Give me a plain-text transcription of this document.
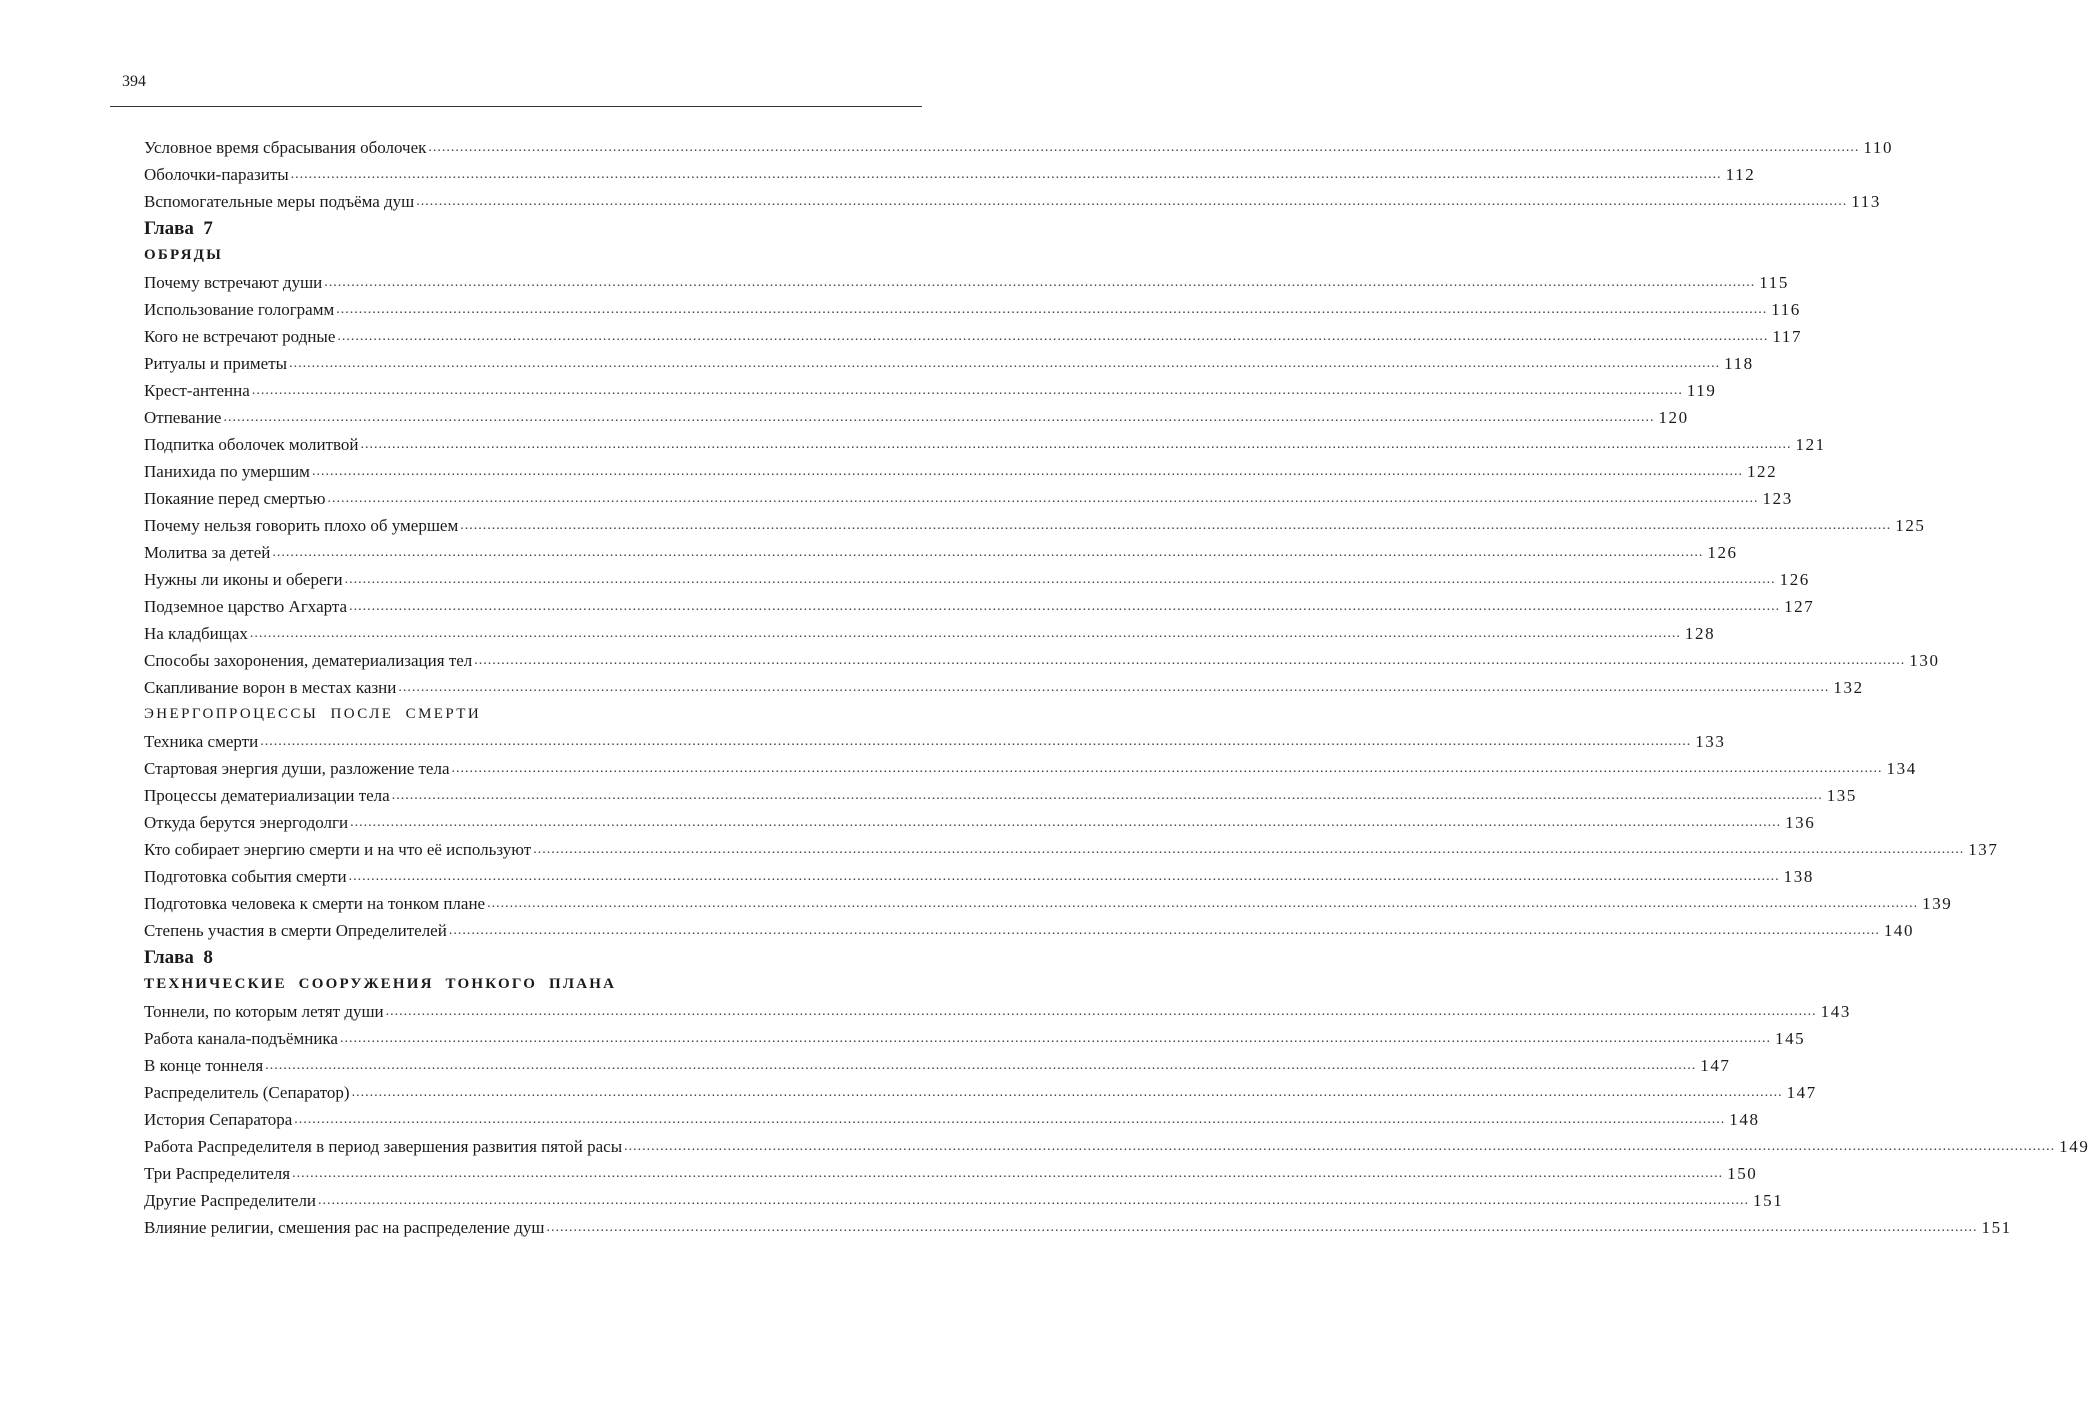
394
Условное время сбрасывания оболочек .....	110
Оболочки-паразиты .....	112
Вспомогательные меры подъёма душ .....	113
Глава  7
ОБРЯДЫ
Почему встречают души .....	115
Использование голограмм .....	116
Кого не встречают родные .....	117
Ритуалы и приметы .....	118
Крест-антенна .....	119
Отпевание .....	120
Подпитка оболочек молитвой .....	121
Панихида по умершим .....	122
Покаяние перед смертью .....	123
Почему нельзя говорить плохо об умершем .....	125
Молитва за детей .....	126
Нужны ли иконы и обереги .....	126
Подземное царство Агхарта .....	127
На кладбищах .....	128
Способы захоронения, дематериализация тел .....	130
Скапливание ворон в местах казни .....	132
ЭНЕРГОПРОЦЕССЫ  ПОСЛЕ  СМЕРТИ
Техника смерти .....	133
Стартовая энергия души, разложение тела .....	134
Процессы дематериализации тела .....	135
Откуда берутся энергодолги .....	136
Кто собирает энергию смерти и на что её используют .....	137
Подготовка события смерти .....	138
Подготовка человека к смерти на тонком плане .....	139
Степень участия в смерти Определителей .....	140
Глава  8
ТЕХНИЧЕСКИЕ  СООРУЖЕНИЯ  ТОНКОГО  ПЛАНА
Тоннели, по которым летят души .....	143
Работа канала-подъёмника .....	145
В конце тоннеля .....	147
Распределитель (Сепаратор) .....	147
История Сепаратора .....	148
Работа Распределителя в период завершения развития пятой расы .....	149
Три Распределителя .....	150
Другие Распределители .....	151
Влияние религии, смешения рас на распределение душ .....	151
